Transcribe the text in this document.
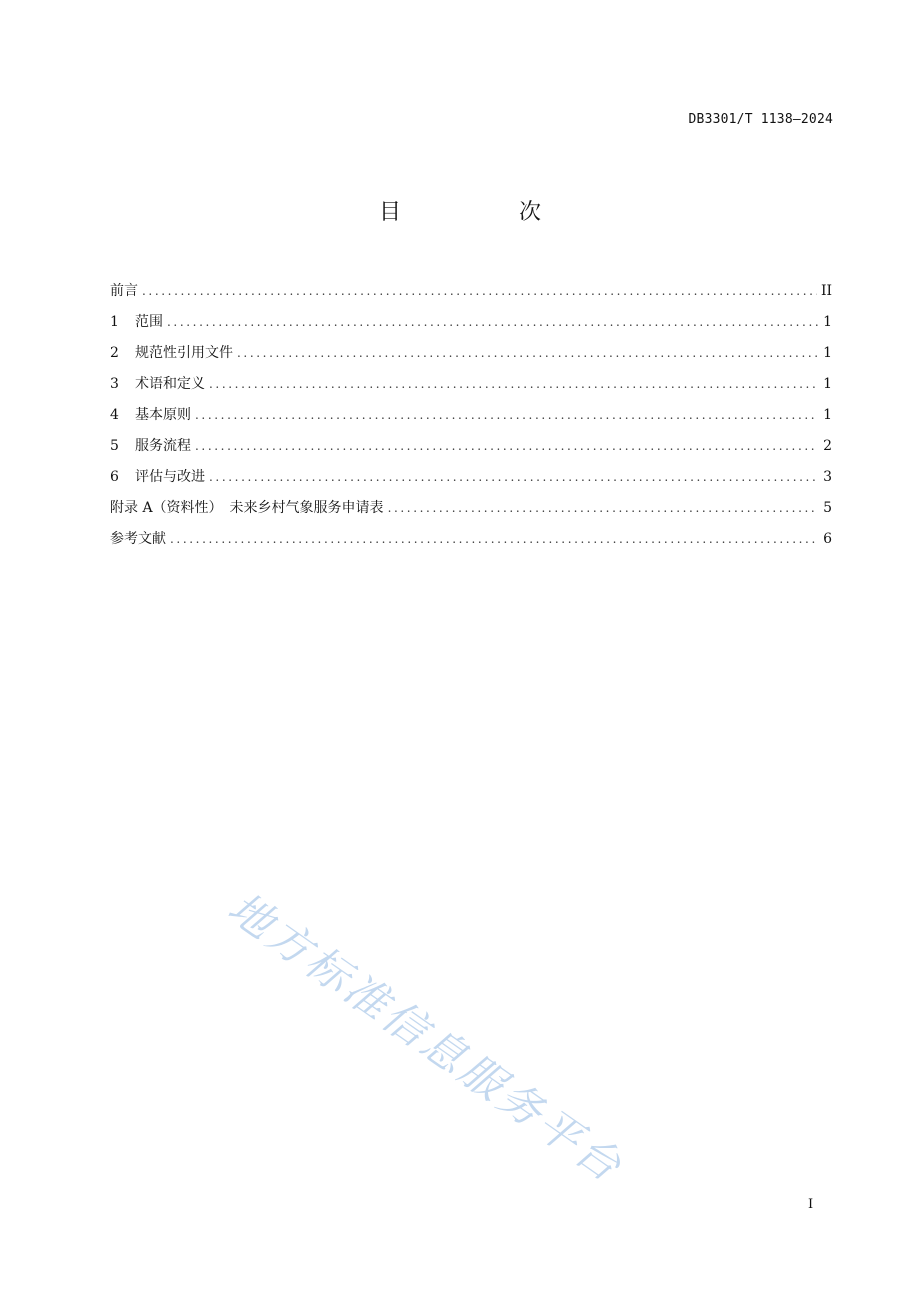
DB3301/T 1138—2024
目　次
前言 .....	II
1	范围 .....	1
2	规范性引用文件 .....	1
3	术语和定义 .....	1
4	基本原则 .....	1
5	服务流程 .....	2
6	评估与改进 .....	3
附录 A（资料性）　未来乡村气象服务申请表 .....	5
参考文献 .....	6
地方标准信息服务平台
I
